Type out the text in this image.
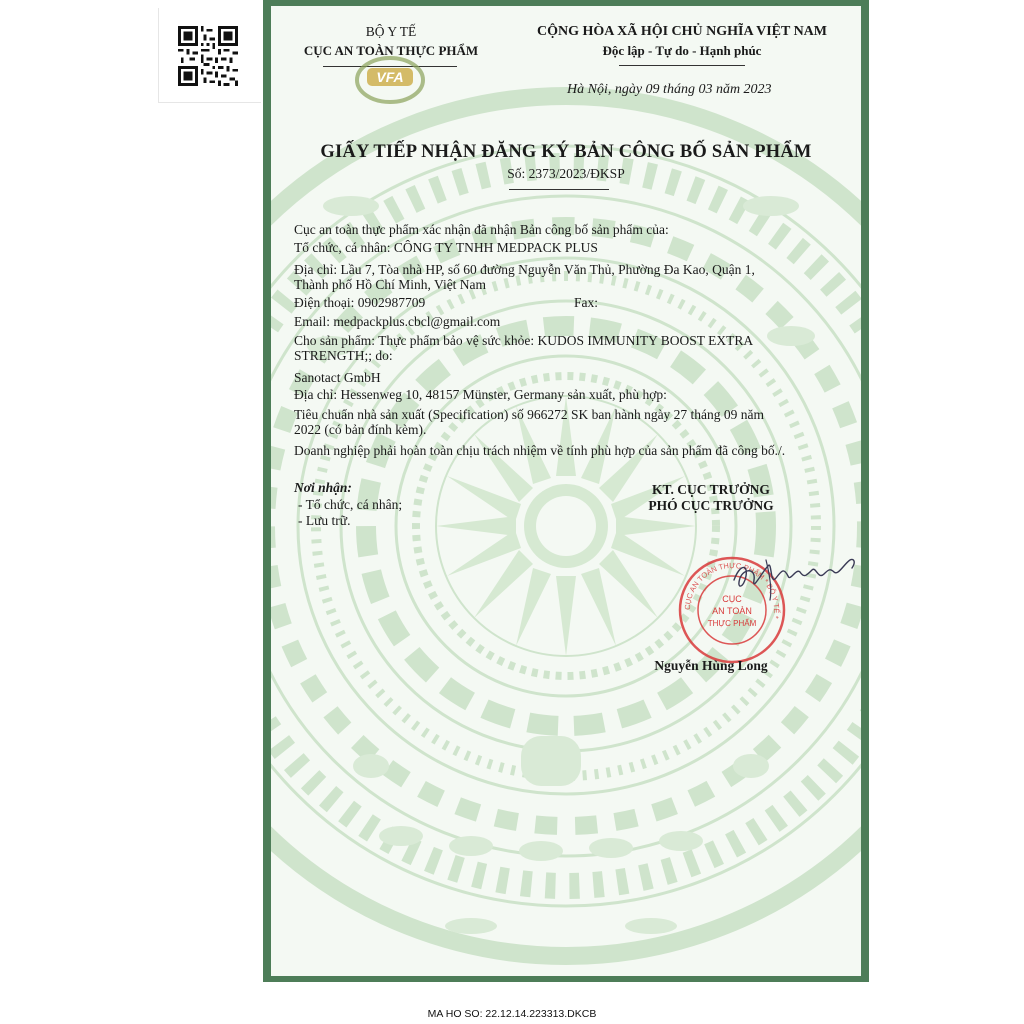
BỘ Y TẾ
CỤC AN TOÀN THỰC PHẨM
VFA
CỘNG HÒA XÃ HỘI CHỦ NGHĨA VIỆT NAM
Độc lập - Tự do - Hạnh phúc
Hà Nội, ngày 09 tháng 03 năm 2023
GIẤY TIẾP NHẬN ĐĂNG KÝ BẢN CÔNG BỐ SẢN PHẨM
Số: 2373/2023/ĐKSP
Cục an toàn thực phẩm xác nhận đã nhận Bản công bố sản phẩm của:
Tổ chức, cá nhân: CÔNG TY TNHH MEDPACK PLUS
Địa chỉ: Lầu 7, Tòa nhà HP, số 60 đường Nguyễn Văn Thủ, Phường Đa Kao, Quận 1,
Thành phố Hồ Chí Minh, Việt Nam
Điện thoại: 0902987709	Fax:
Email: medpackplus.cbcl@gmail.com
Cho sản phẩm: Thực phẩm bảo vệ sức khỏe: KUDOS IMMUNITY BOOST EXTRA
STRENGTH;; do:
Sanotact GmbH
Địa chỉ: Hessenweg 10, 48157 Münster, Germany sản xuất, phù hợp:
Tiêu chuẩn nhà sản xuất (Specification) số 966272 SK ban hành ngày 27 tháng 09 năm
2022 (có bản đính kèm).
Doanh nghiệp phải hoàn toàn chịu trách nhiệm về tính phù hợp của sản phẩm đã công bố./.
Nơi nhận:
- Tổ chức, cá nhân;
- Lưu trữ.
KT. CỤC TRƯỞNG
PHÓ CỤC TRƯỞNG
CỤC AN TOÀN THỰC PHẨM * BỘ Y TẾ *
CỤC
AN TOÀN
THỰC PHẨM
Nguyễn Hùng Long
MA HO SO: 22.12.14.223313.DKCB
